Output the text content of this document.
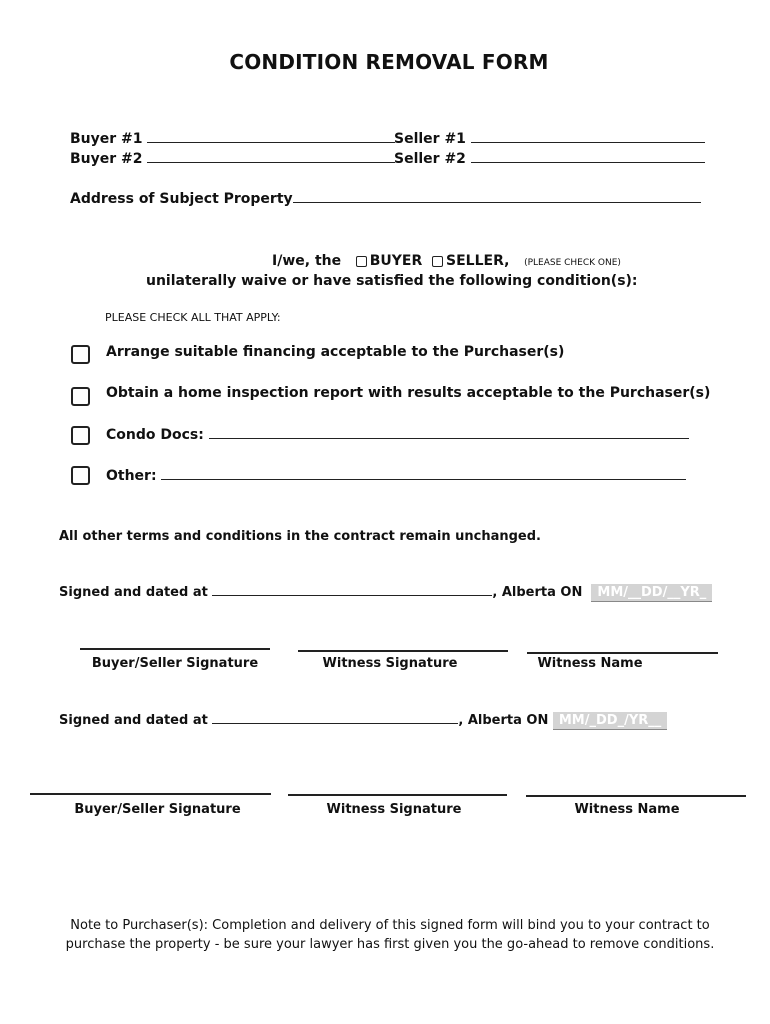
CONDITION REMOVAL FORM
Buyer #1	Seller #1
Buyer #2	Seller #2
Address of Subject Property
I/we, the BUYER SELLER, (PLEASE CHECK ONE)
unilaterally waive or have satisfied the following condition(s):
PLEASE CHECK ALL THAT APPLY:
Arrange suitable financing acceptable to the Purchaser(s)
Obtain a home inspection report with results acceptable to the Purchaser(s)
Condo Docs:
Other:
All other terms and conditions in the contract remain unchanged.
Signed and dated at	, Alberta ON MM/__DD/__YR_
Buyer/Seller Signature	Witness Signature	Witness Name
Signed and dated at	, Alberta ON MM/_DD_/YR__
Buyer/Seller Signature	Witness Signature	Witness Name
Note to Purchaser(s): Completion and delivery of this signed form will bind you to your contract to purchase the property - be sure your lawyer has first given you the go-ahead to remove conditions.
